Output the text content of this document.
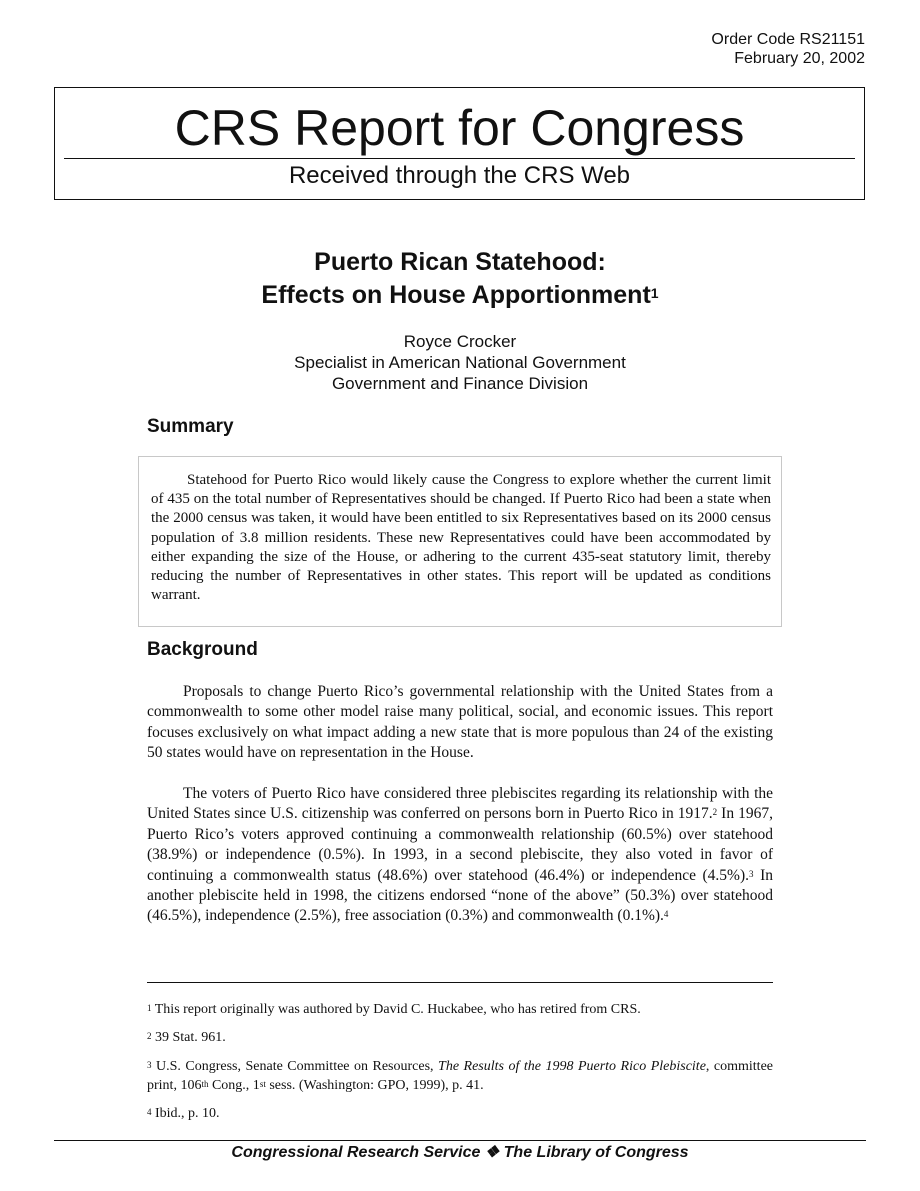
Order Code RS21151
February 20, 2002
CRS Report for Congress
Received through the CRS Web
Puerto Rican Statehood:
Effects on House Apportionment$^1$
Royce Crocker
Specialist in American National Government
Government and Finance Division
Summary
Statehood for Puerto Rico would likely cause the Congress to explore whether the current limit of 435 on the total number of Representatives should be changed. If Puerto Rico had been a state when the 2000 census was taken, it would have been entitled to six Representatives based on its 2000 census population of 3.8 million residents. These new Representatives could have been accommodated by either expanding the size of the House, or adhering to the current 435-seat statutory limit, thereby reducing the number of Representatives in other states. This report will be updated as conditions warrant.
Background
Proposals to change Puerto Rico’s governmental relationship with the United States from a commonwealth to some other model raise many political, social, and economic issues. This report focuses exclusively on what impact adding a new state that is more populous than 24 of the existing 50 states would have on representation in the House.
The voters of Puerto Rico have considered three plebiscites regarding its relationship with the United States since U.S. citizenship was conferred on persons born in Puerto Rico in 1917.$^2$ In 1967, Puerto Rico’s voters approved continuing a commonwealth relationship (60.5%) over statehood (38.9%) or independence (0.5%). In 1993, in a second plebiscite, they also voted in favor of continuing a commonwealth status (48.6%) over statehood (46.4%) or independence (4.5%).$^3$ In another plebiscite held in 1998, the citizens endorsed “none of the above” (50.3%) over statehood (46.5%), independence (2.5%), free association (0.3%) and commonwealth (0.1%).$^4$
$^1$ This report originally was authored by David C. Huckabee, who has retired from CRS.
$^2$ 39 Stat. 961.
$^3$ U.S. Congress, Senate Committee on Resources, The Results of the 1998 Puerto Rico Plebiscite, committee print, 106th Cong., 1st sess. (Washington: GPO, 1999), p. 41.
$^4$ Ibid., p. 10.
Congressional Research Service ❖ The Library of Congress
